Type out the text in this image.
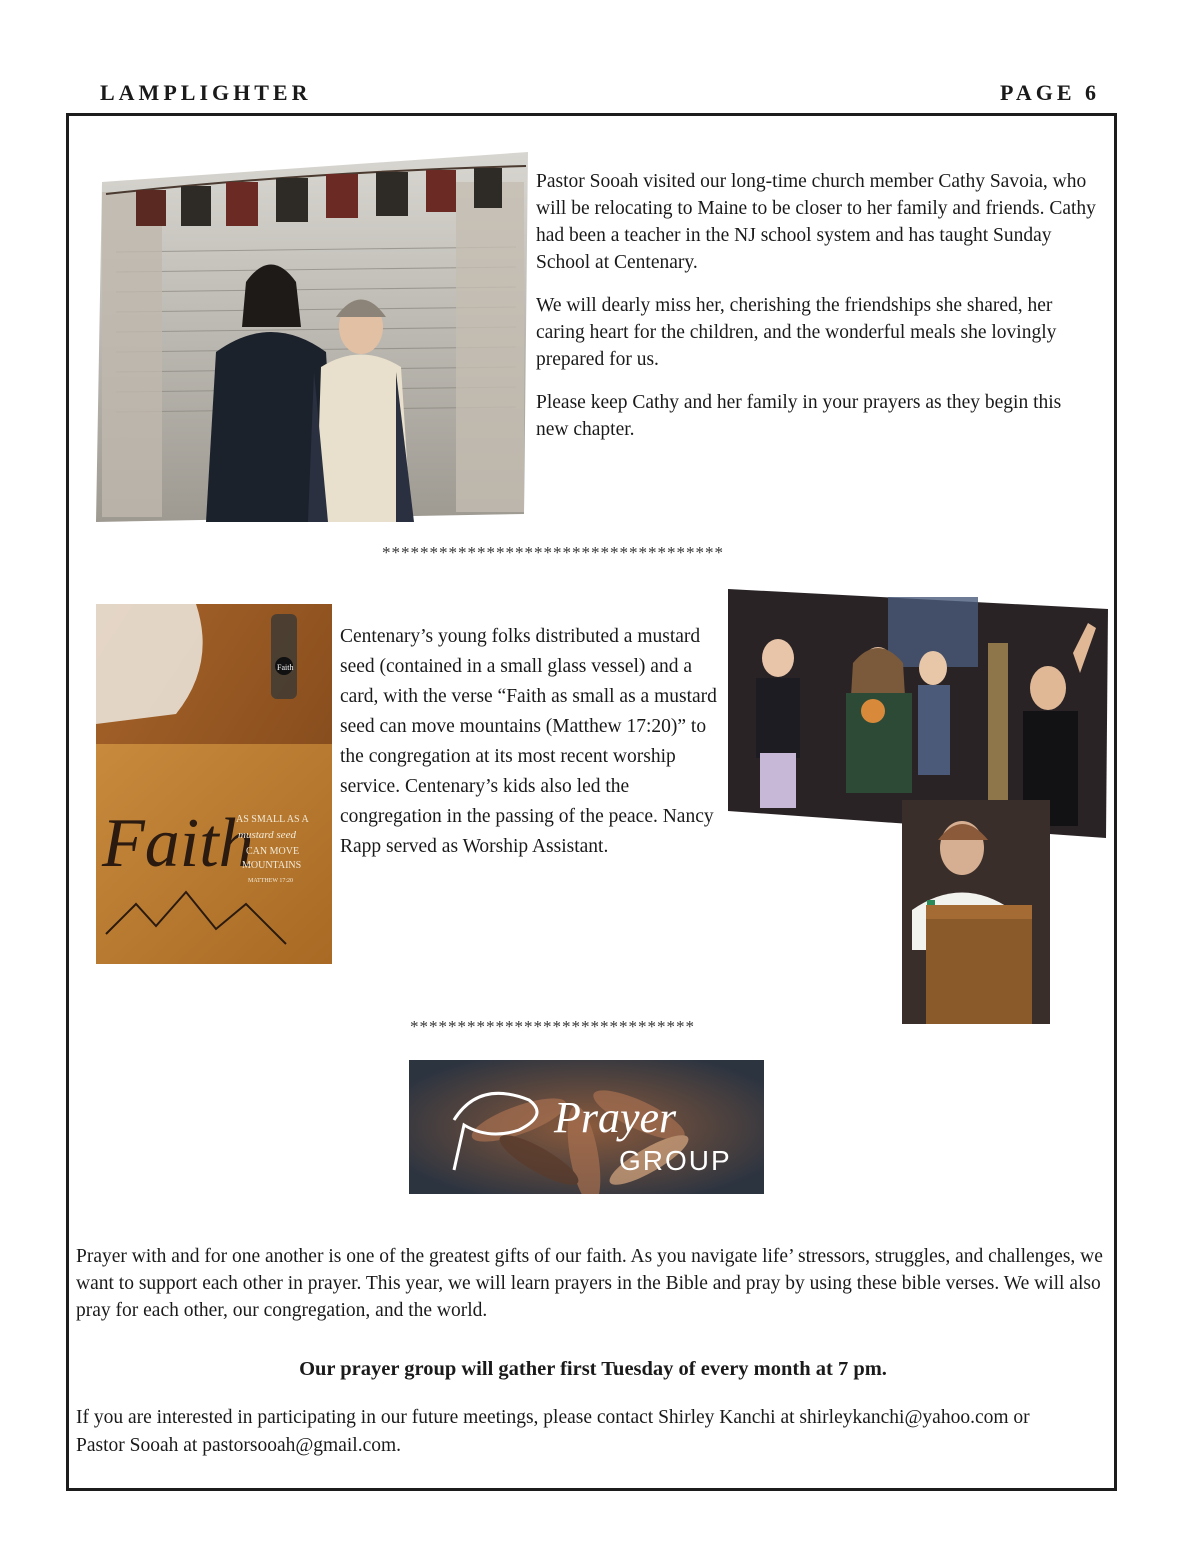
LAMPLIGHTER	PAGE 6

Pastor Sooah visited our long-time church member Cathy Savoia, who will be relocating to Maine to be closer to her family and friends. Cathy had been a teacher in the NJ school system and has taught Sunday School at Centenary.

We will dearly miss her, cherishing the friendships she shared, her caring heart for the children, and the wonderful meals she lovingly prepared for us.

Please keep Cathy and her family in your prayers as they begin this new chapter.

************************************
Faith
Faith
AS SMALL AS A
mustard seed
CAN MOVE
MOUNTAINS
MATTHEW 17:20

Centenary’s young folks distributed a mustard seed (contained in a small glass vessel) and a card, with the verse “Faith as small as a mustard seed can move mountains (Matthew 17:20)” to the congregation at its most recent worship service. Centenary’s kids also led the congregation in the passing of the peace. Nancy Rapp served as Worship Assistant.

******************************
Prayer
GROUP

Prayer with and for one another is one of the greatest gifts of our faith. As you navigate life’ stressors, struggles, and challenges, we want to support each other in prayer. This year, we will learn prayers in the Bible and pray by using these bible verses. We will also pray for each other, our congregation, and the world.

Our prayer group will gather first Tuesday of every month at 7 pm.

If you are interested in participating in our future meetings, please contact Shirley Kanchi at shirleykanchi@yahoo.com or Pastor Sooah at pastorsooah@gmail.com.
